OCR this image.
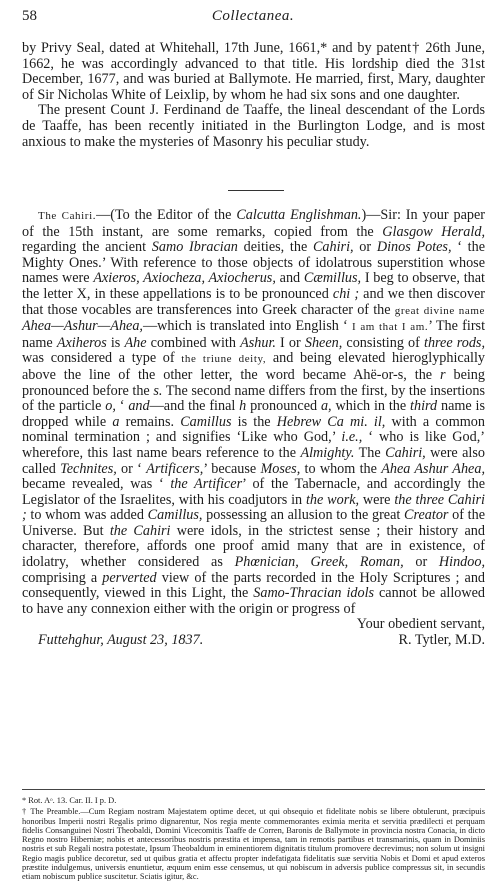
58	Collectanea.

by Privy Seal, dated at Whitehall, 17th June, 1661,* and by patent† 26th June, 1662, he was accordingly advanced to that title. His lordship died the 31st December, 1677, and was buried at Ballymote. He married, first, Mary, daughter of Sir Nicholas White of Leixlip, by whom he had six sons and one daughter.

The present Count J. Ferdinand de Taaffe, the lineal descendant of the Lords de Taaffe, has been recently initiated in the Burlington Lodge, and is most anxious to make the mysteries of Masonry his peculiar study.

The Cahiri.—(To the Editor of the Calcutta Englishman.)—Sir: In your paper of the 15th instant, are some remarks, copied from the Glasgow Herald, regarding the ancient Samo Ibracian deities, the Cahiri, or Dinos Potes, ‘ the Mighty Ones.’ With reference to those objects of idolatrous superstition whose names were Axieros, Axiocheza, Axiocherus, and Cæmillus, I beg to observe, that the letter X, in these appellations is to be pronounced chi ; and we then discover that those vocables are transferences into Greek character of the great divine name Ahea—Ashur—Ahea,—which is translated into English ‘ I am that I am.’ The first name Axiheros is Ahe combined with Ashur. I or Sheen, consisting of three rods, was considered a type of the triune deity, and being elevated hieroglyphically above the line of the other letter, the word became Ahë-or-s, the r being pronounced before the s. The second name differs from the first, by the insertions of the particle o, ‘ and—and the final h pronounced a, which in the third name is dropped while a remains. Camillus is the Hebrew Ca mi. il, with a common nominal termination ; and signifies ‘Like who God,’ i.e., ‘ who is like God,’ wherefore, this last name bears reference to the Almighty. The Cahiri, were also called Technites, or ‘ Artificers,’ because Moses, to whom the Ahea Ashur Ahea, became revealed, was ‘ the Artificer’ of the Tabernacle, and accordingly the Legislator of the Israelites, with his coadjutors in the work, were the three Cahiri ; to whom was added Camillus, possessing an allusion to the great Creator of the Universe. But the Cahiri were idols, in the strictest sense ; their history and character, therefore, affords one proof amid many that are in existence, of idolatry, whether considered as Phœnician, Greek, Roman, or Hindoo, comprising a perverted view of the parts recorded in the Holy Scriptures ; and consequently, viewed in this Light, the Samo-Thracian idols cannot be allowed to have any connexion either with the origin or progress of

Your obedient servant,
Futtehghur, August 23, 1837.	R. Tytler, M.D.

* Rot. Aᵒ. 13. Car. II. I p. D.

† The Preamble.—Cum Regiam nostram Majestatem optime decet, ut qui obsequio et fidelitate nobis se libere obtulerunt, præcipuis honoribus Imperii nostri Regalis primo dignarentur, Nos regia mente commemorantes eximia merita et servitia prædilecti et perquam fidelis Consanguinei Nostri Theobaldi, Domini Vicecomitis Taaffe de Corren, Baronis de Ballymote in provincia nostra Conacia, in dicto Regno nostro Hiberniæ; nobis et antecessoribus nostris præstita et impensa, tam in remotis partibus et transmarinis, quam in Dominiis nostris et sub Regali nostra potestate, Ipsum Theobaldum in eminentiorem dignitatis titulum promovere decrevimus; non solum ut insigni Regio magis publice decoretur, sed ut quibus gratia et affectu propter indefatigata fidelitatis suæ servitia Nobis et Domi et apud exteros præstite indulgemus, universis enuntietur, æquum enim esse censemus, ut qui nobiscum in adversis publice compressus sit, in secundis etiam nobiscum publice suscitetur. Sciatis igitur, &c.
